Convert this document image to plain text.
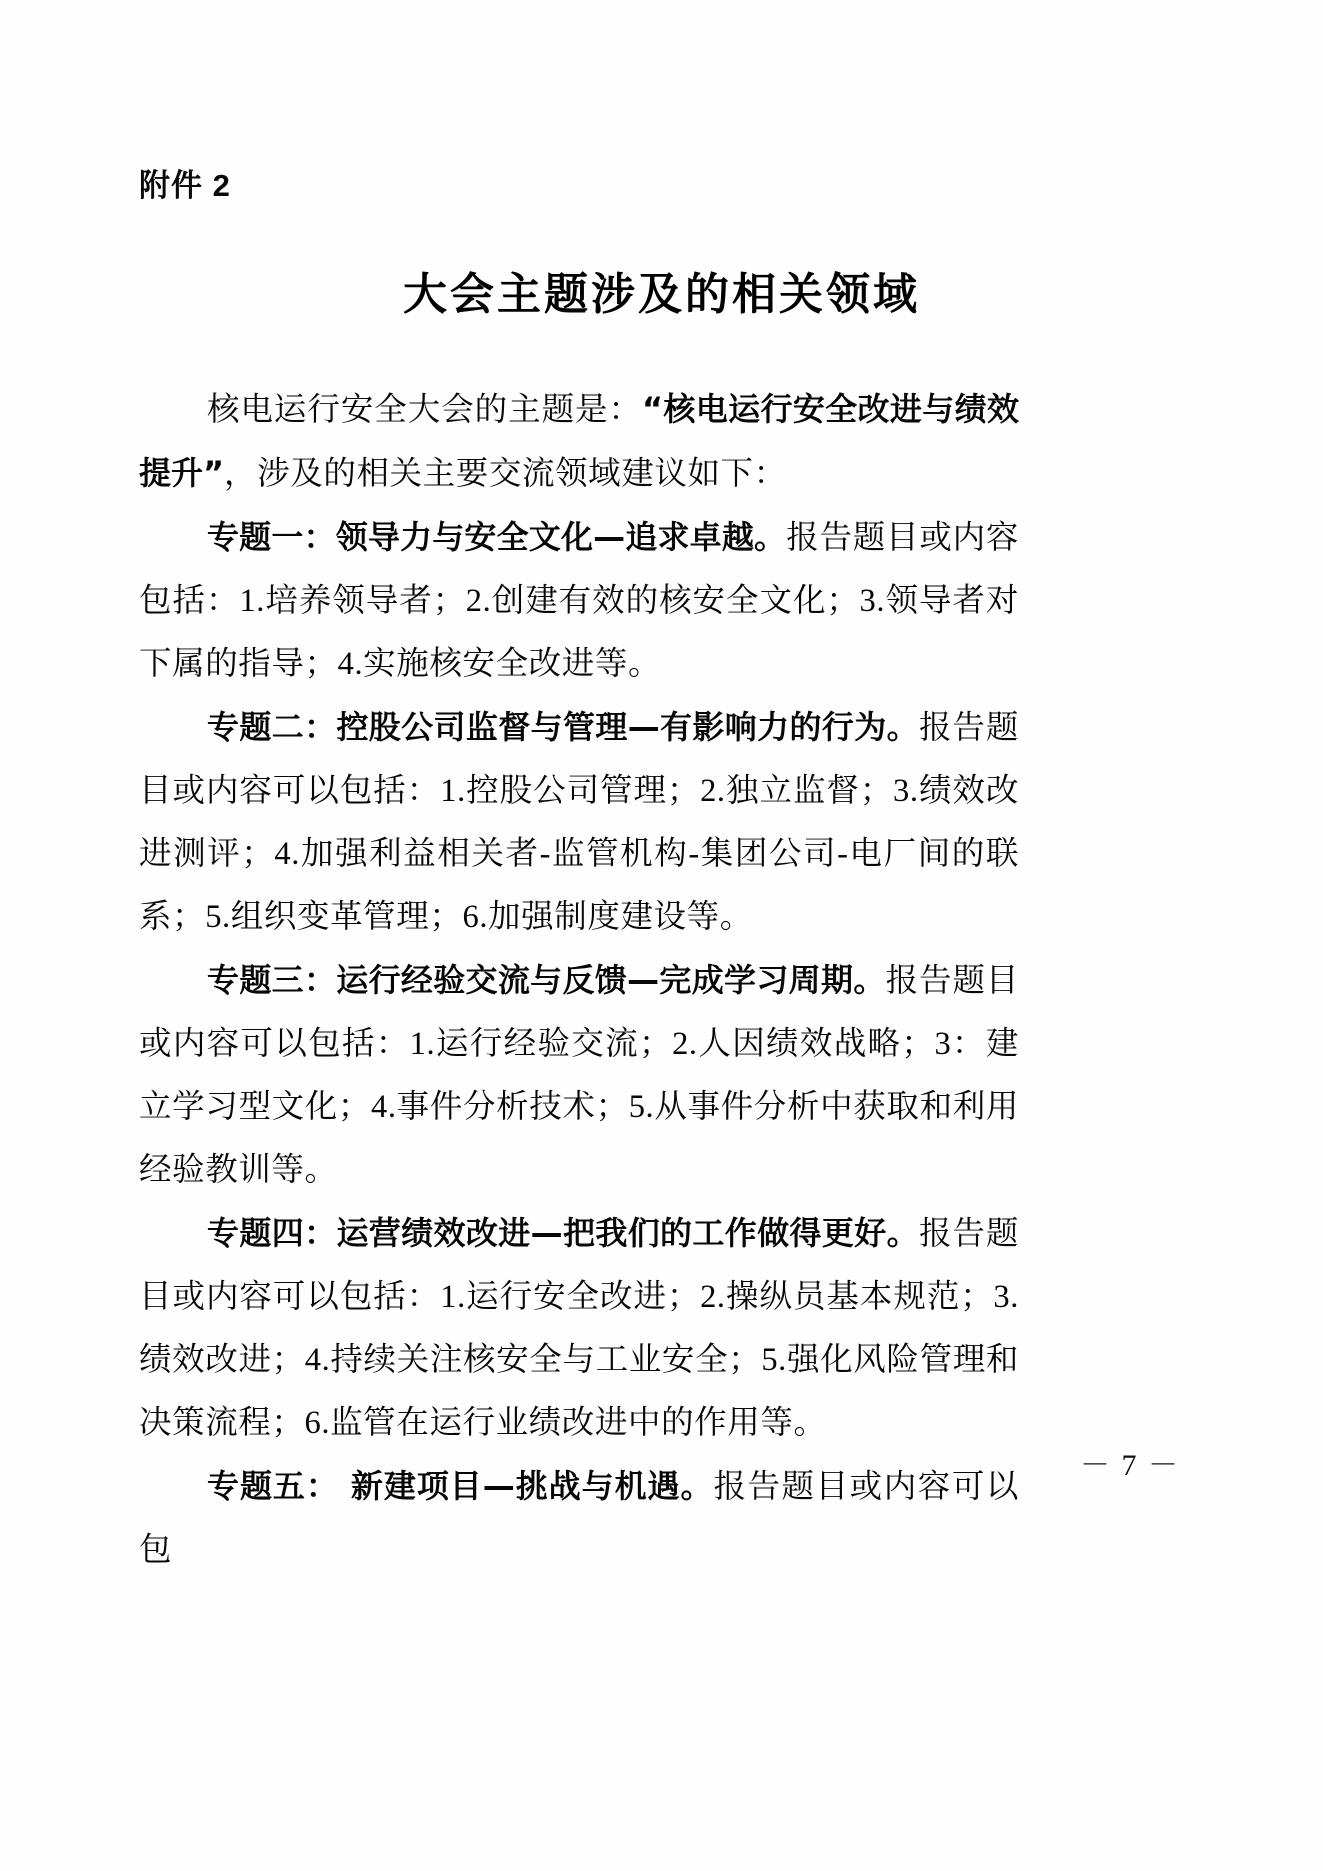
附件 2
大会主题涉及的相关领域

核电运行安全大会的主题是：“核电运行安全改进与绩效提升”，涉及的相关主要交流领域建议如下：

专题一：领导力与安全文化—追求卓越。报告题目或内容包括：1.培养领导者；2.创建有效的核安全文化；3.领导者对下属的指导；4.实施核安全改进等。

专题二：控股公司监督与管理—有影响力的行为。报告题目或内容可以包括：1.控股公司管理；2.独立监督；3.绩效改进测评；4.加强利益相关者-监管机构-集团公司-电厂间的联系；5.组织变革管理；6.加强制度建设等。

专题三：运行经验交流与反馈—完成学习周期。报告题目或内容可以包括：1.运行经验交流；2.人因绩效战略；3：建立学习型文化；4.事件分析技术；5.从事件分析中获取和利用经验教训等。

专题四：运营绩效改进—把我们的工作做得更好。报告题目或内容可以包括：1.运行安全改进；2.操纵员基本规范；3.绩效改进；4.持续关注核安全与工业安全；5.强化风险管理和决策流程；6.监管在运行业绩改进中的作用等。

专题五： 新建项目—挑战与机遇。报告题目或内容可以包

－ 7 －
